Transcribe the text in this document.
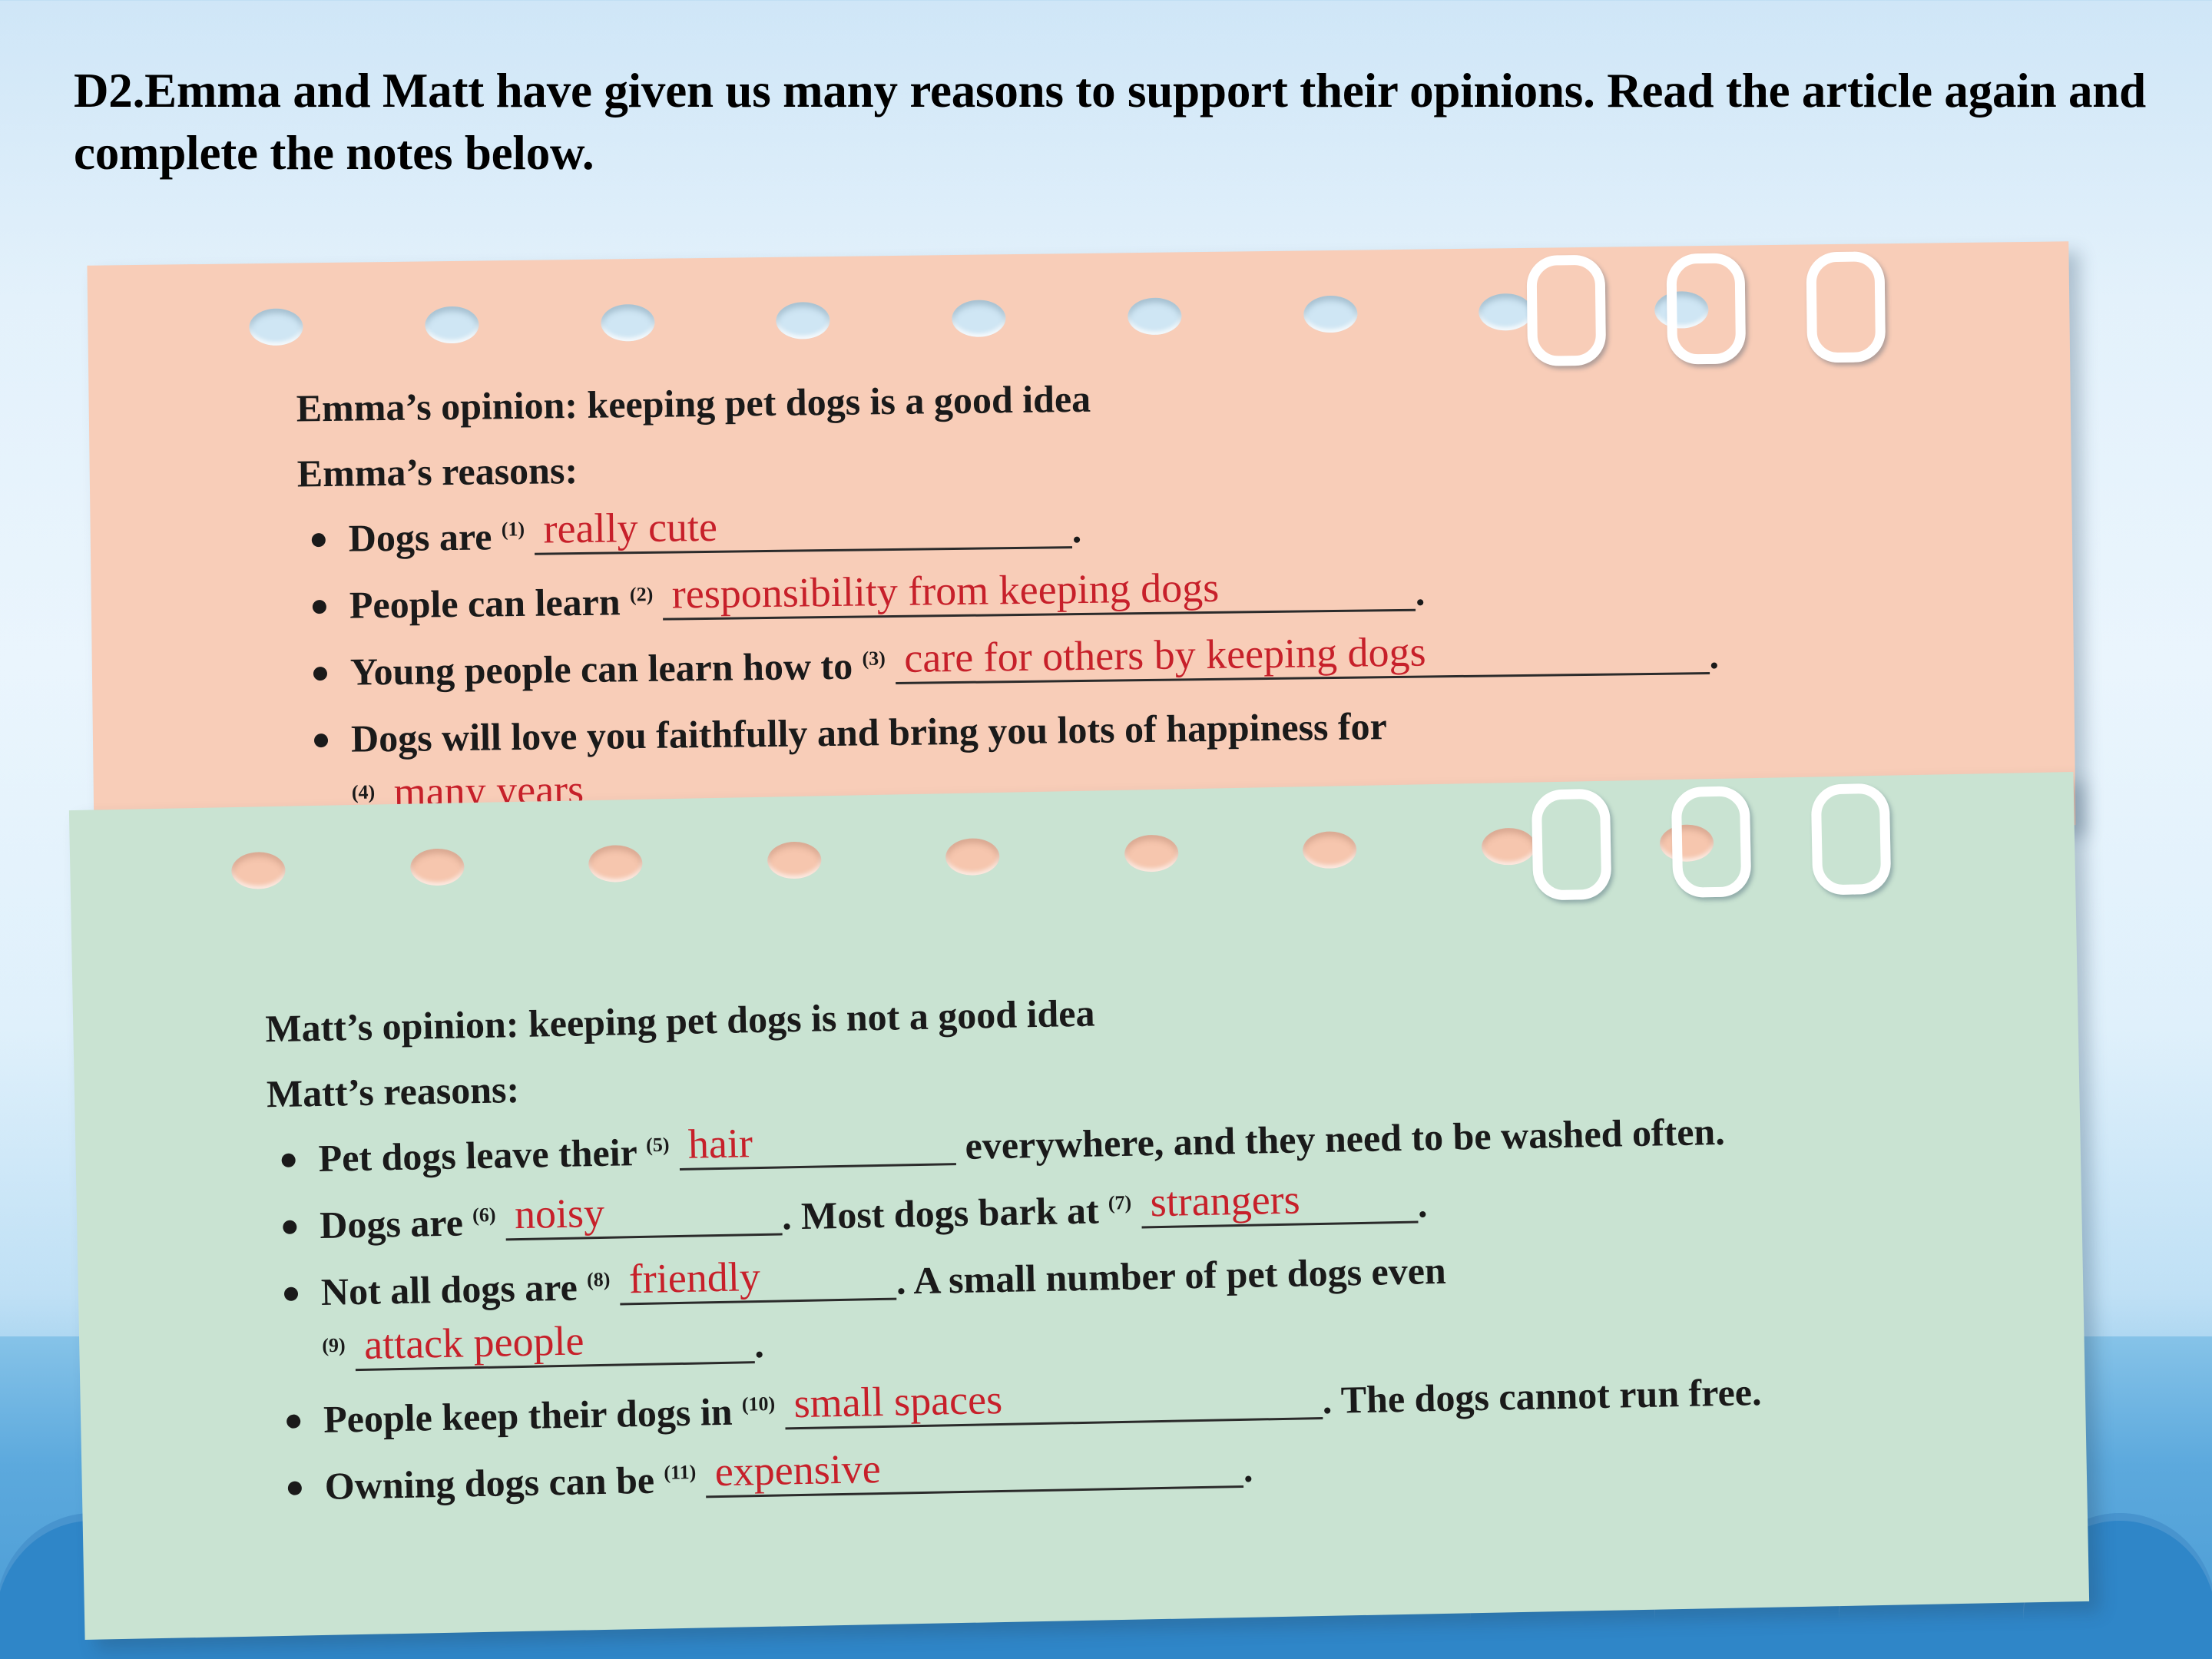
D2.Emma and Matt have given us many reasons to support their opinions. Read the article again and complete the notes below.
Emma’s opinion: keeping pet dogs is a good idea
Emma’s reasons:
Dogs are $^{(1)}$ really cute	.
People can learn $^{(2)}$ responsibility from keeping dogs	.
Young people can learn how to $^{(3)}$ care for others by keeping dogs	.
Dogs will love you faithfully and bring you lots of happiness for
$^{(4)}$ many years	.
Matt’s opinion: keeping pet dogs is not a good idea
Matt’s reasons:
Pet dogs leave their $^{(5)}$ hair	everywhere, and they need to be washed often.
Dogs are $^{(6)}$ noisy	. Most dogs bark at $^{(7)}$ strangers	.
Not all dogs are $^{(8)}$ friendly	. A small number of pet dogs even
$^{(9)}$ attack people	.
People keep their dogs in $^{(10)}$ small spaces	. The dogs cannot run free.
Owning dogs can be $^{(11)}$ expensive	.
